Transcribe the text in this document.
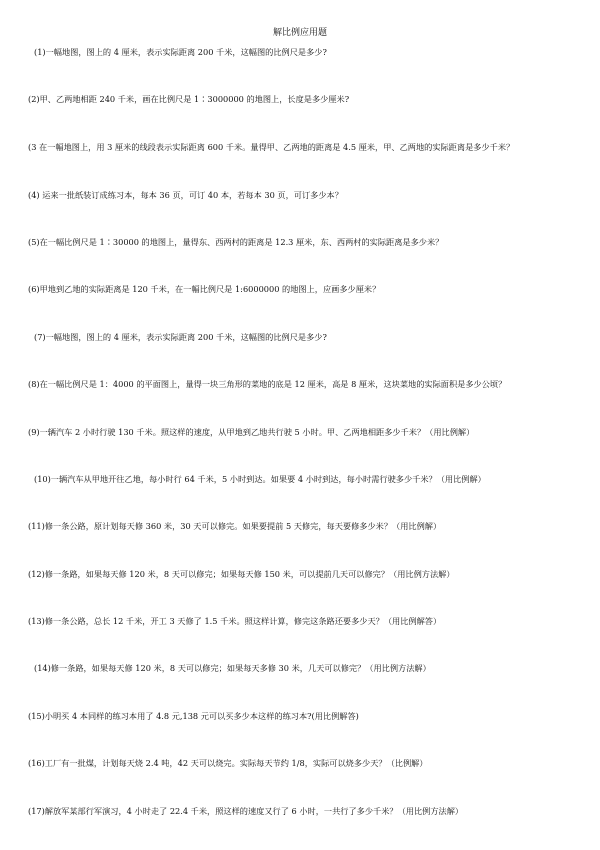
解比例应用题
(1)一幅地图，图上的 4 厘米，表示实际距离 200 千米，这幅图的比例尺是多少?
(2)甲、乙两地相距 240 千米，画在比例尺是 1∶3000000 的地图上，长度是多少厘米?
(3 在一幅地图上，用 3 厘米的线段表示实际距离 600 千米。量得甲、乙两地的距离是 4.5 厘米，甲、乙两地的实际距离是多少千米？
(4) 运来一批纸装订成练习本，每本 36 页，可订 40 本，若每本 30 页，可订多少本？
(5)在一幅比例尺是 1∶30000 的地图上，量得东、西两村的距离是 12.3 厘米，东、西两村的实际距离是多少米？
(6)甲地到乙地的实际距离是 120 千米，在一幅比例尺是 1:6000000 的地图上，应画多少厘米？
(7)一幅地图，图上的 4 厘米，表示实际距离 200 千米，这幅图的比例尺是多少?
(8)在一幅比例尺是 1：4000 的平面图上，量得一块三角形的菜地的底是 12 厘米，高是 8 厘米，这块菜地的实际面积是多少公顷？
(9)一辆汽车 2 小时行驶 130 千米。照这样的速度，从甲地到乙地共行驶 5 小时。甲、乙两地相距多少千米？（用比例解）
(10)一辆汽车从甲地开往乙地，每小时行 64 千米，5 小时到达。如果要 4 小时到达，每小时需行驶多少千米？（用比例解）
(11)修一条公路，原计划每天修 360 米，30 天可以修完。如果要提前 5 天修完，每天要修多少米？（用比例解）
(12)修一条路，如果每天修 120 米，8 天可以修完；如果每天修 150 米，可以提前几天可以修完？（用比例方法解）
(13)修一条公路，总长 12 千米，开工 3 天修了 1.5 千米。照这样计算，修完这条路还要多少天？（用比例解答）
(14)修一条路，如果每天修 120 米，8 天可以修完；如果每天多修 30 米，几天可以修完？（用比例方法解）
(15)小明买 4 本同样的练习本用了 4.8 元,138 元可以买多少本这样的练习本?(用比例解答)
(16)工厂有一批煤，计划每天烧 2.4 吨，42 天可以烧完。实际每天节约 1/8，实际可以烧多少天？（比例解）
(17)解放军某部行军演习，4 小时走了 22.4 千米，照这样的速度又行了 6 小时，一共行了多少千米？（用比例方法解）
